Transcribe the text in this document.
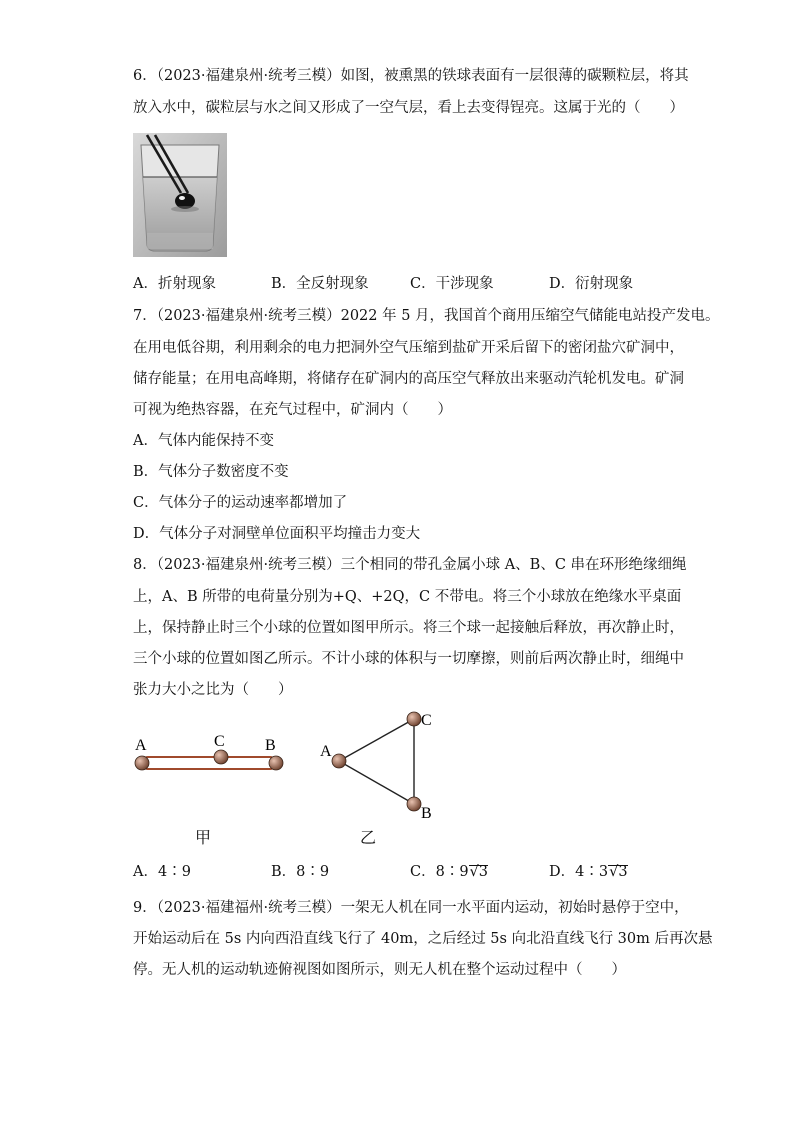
6．（2023·福建泉州·统考三模）如图，被熏黑的铁球表面有一层很薄的碳颗粒层，将其

放入水中，碳粒层与水之间又形成了一空气层，看上去变得锃亮。这属于光的（　　）

A．折射现象	B．全反射现象	C．干涉现象	D．衍射现象

7．（2023·福建泉州·统考三模）2022 年 5 月，我国首个商用压缩空气储能电站投产发电。

在用电低谷期，利用剩余的电力把洞外空气压缩到盐矿开采后留下的密闭盐穴矿洞中，

储存能量；在用电高峰期，将储存在矿洞内的高压空气释放出来驱动汽轮机发电。矿洞

可视为绝热容器，在充气过程中，矿洞内（　　）

A．气体内能保持不变

B．气体分子数密度不变

C．气体分子的运动速率都增加了

D．气体分子对洞壁单位面积平均撞击力变大

8．（2023·福建泉州·统考三模）三个相同的带孔金属小球 A、B、C 串在环形绝缘细绳

上，A、B 所带的电荷量分别为+Q、+2Q，C 不带电。将三个小球放在绝缘水平桌面

上，保持静止时三个小球的位置如图甲所示。将三个球一起接触后释放，再次静止时，

三个小球的位置如图乙所示。不计小球的体积与一切摩擦，则前后两次静止时，细绳中

张力大小之比为（　　）

A	C	B
甲
A
C
B
乙
A．4∶9	B．8∶9	C．8∶9√3	D．4∶3√3

9．（2023·福建福州·统考三模）一架无人机在同一水平面内运动，初始时悬停于空中，

开始运动后在 5s 内向西沿直线飞行了 40m，之后经过 5s 向北沿直线飞行 30m 后再次悬

停。无人机的运动轨迹俯视图如图所示，则无人机在整个运动过程中（　　）
